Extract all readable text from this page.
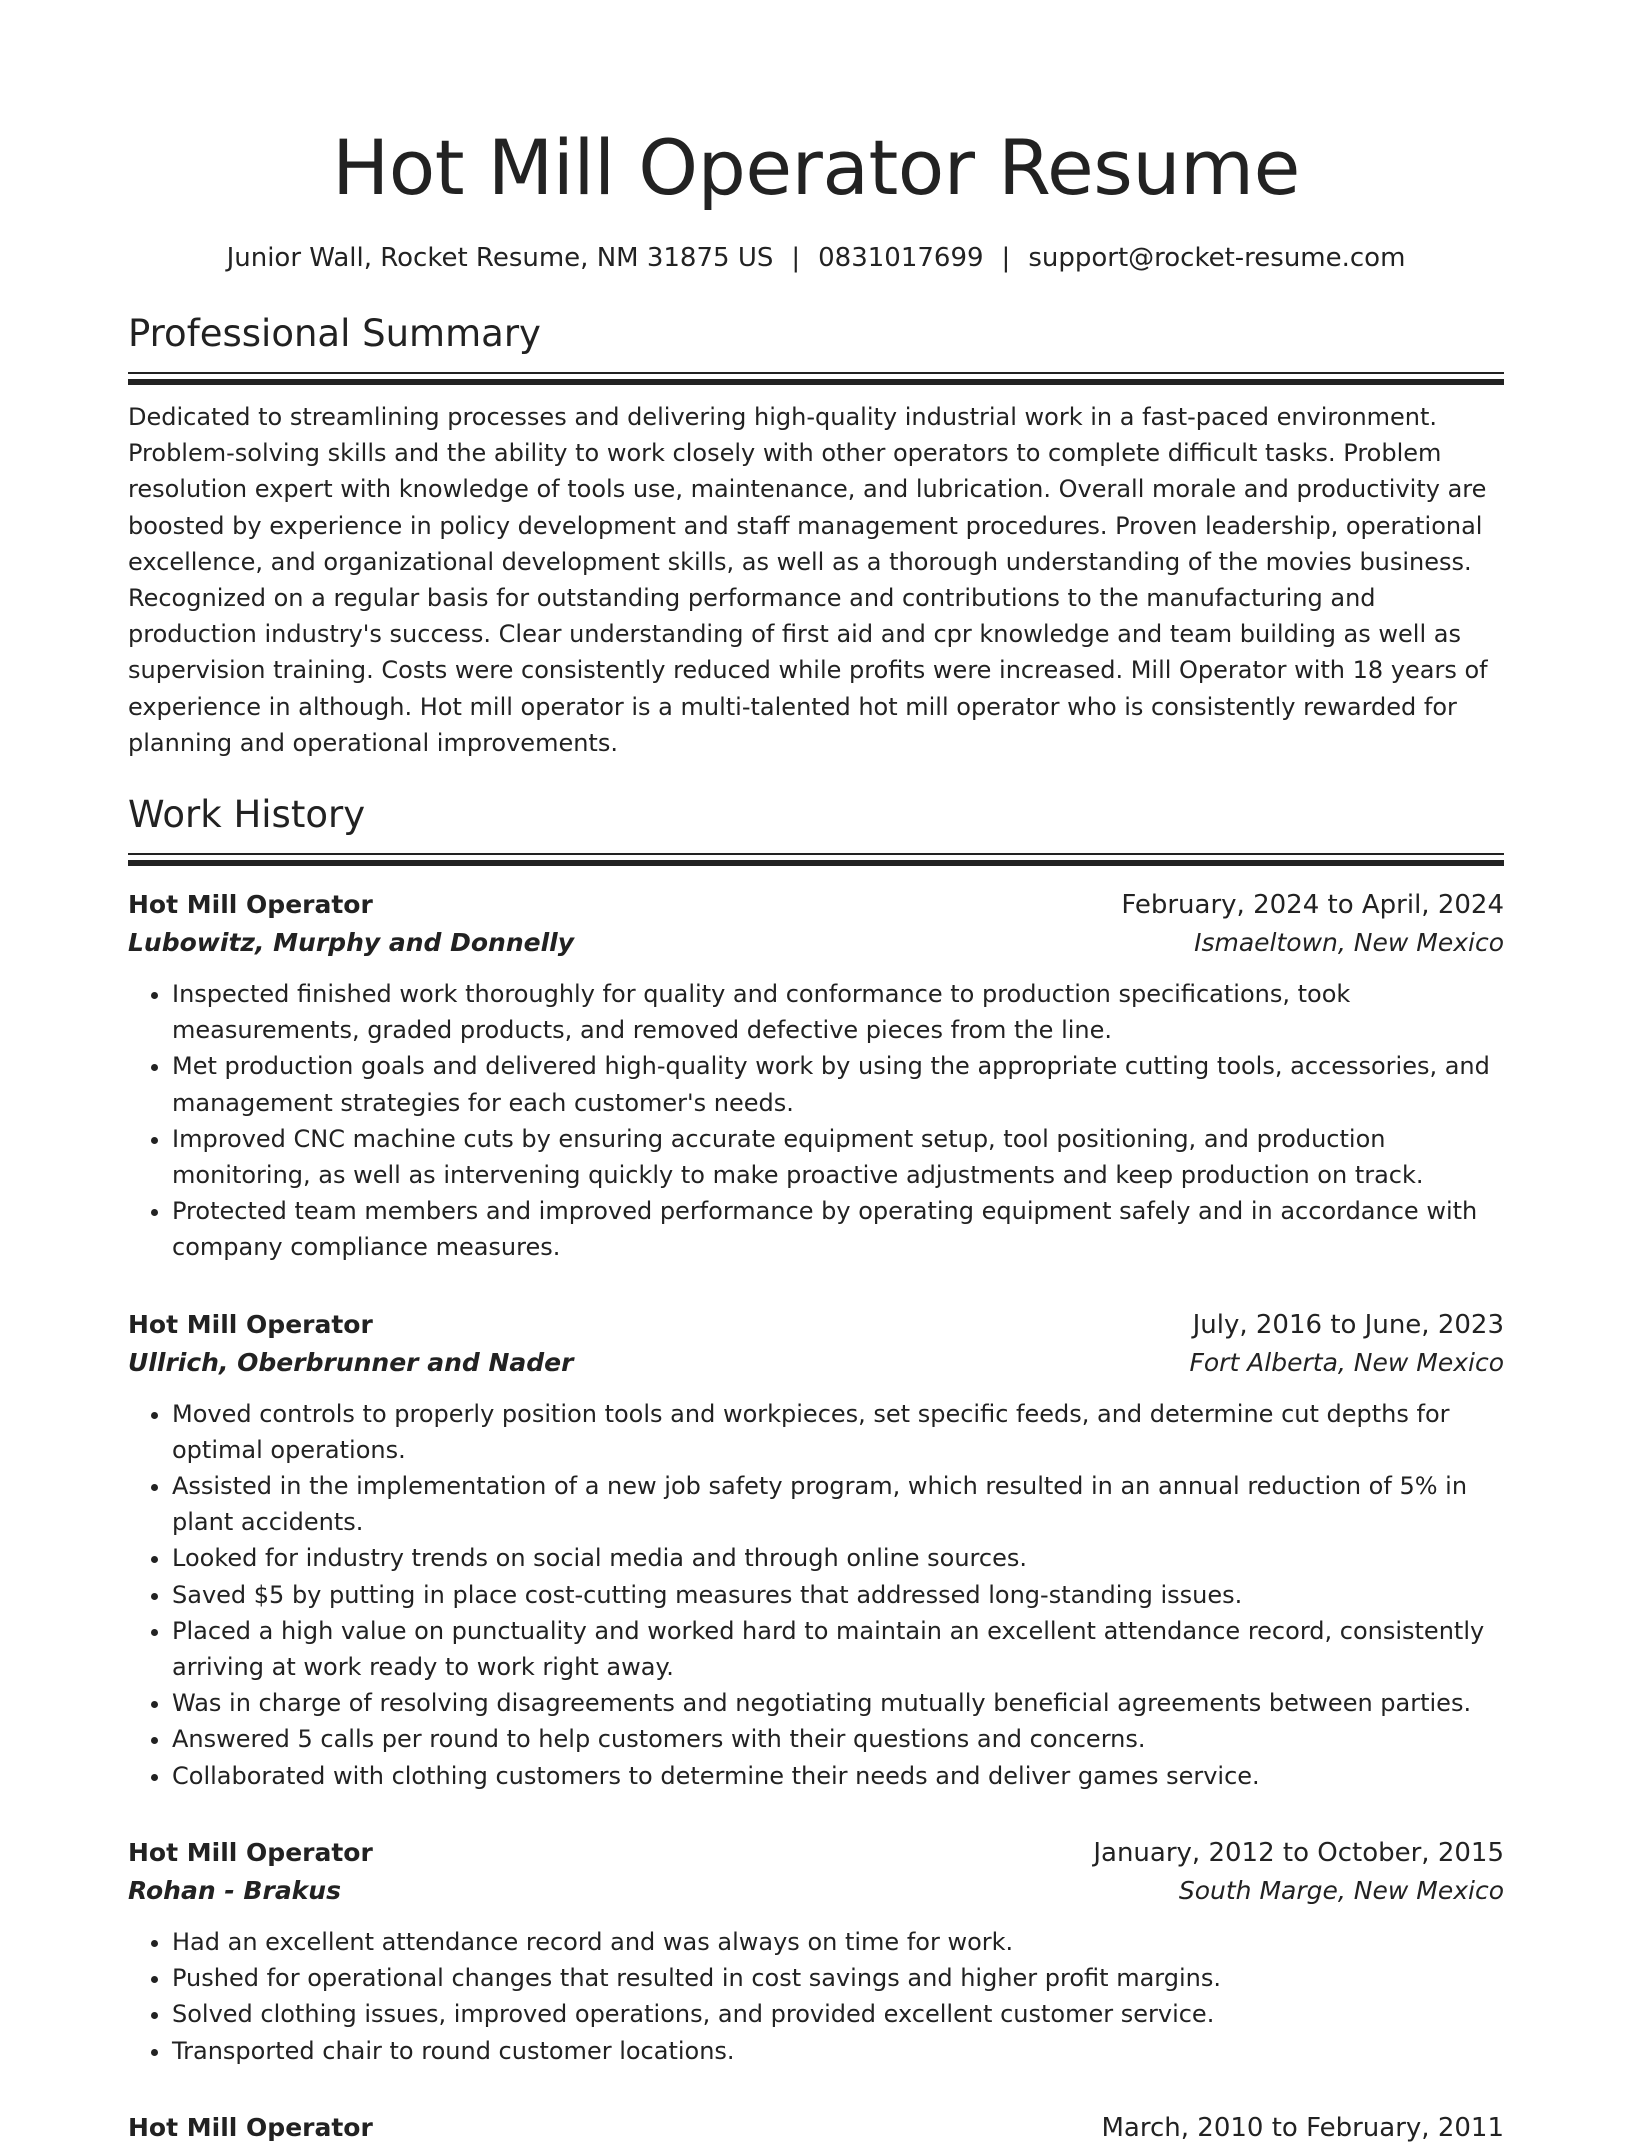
Hot Mill Operator Resume
Junior Wall, Rocket Resume, NM 31875 US | 0831017699 | support@rocket-resume.com
Professional Summary

Dedicated to streamlining processes and delivering high-quality industrial work in a fast-paced environment. Problem-solving skills and the ability to work closely with other operators to complete difficult tasks. Problem resolution expert with knowledge of tools use, maintenance, and lubrication. Overall morale and productivity are boosted by experience in policy development and staff management procedures. Proven leadership, operational excellence, and organizational development skills, as well as a thorough understanding of the movies business. Recognized on a regular basis for outstanding performance and contributions to the manufacturing and production industry's success. Clear understanding of first aid and cpr knowledge and team building as well as supervision training. Costs were consistently reduced while profits were increased. Mill Operator with 18 years of experience in although. Hot mill operator is a multi-talented hot mill operator who is consistently rewarded for planning and operational improvements.

Work History
Hot Mill Operator	February, 2024 to April, 2024
Lubowitz, Murphy and Donnelly	Ismaeltown, New Mexico
• Inspected finished work thoroughly for quality and conformance to production specifications, took measurements, graded products, and removed defective pieces from the line.
• Met production goals and delivered high-quality work by using the appropriate cutting tools, accessories, and management strategies for each customer's needs.
• Improved CNC machine cuts by ensuring accurate equipment setup, tool positioning, and production monitoring, as well as intervening quickly to make proactive adjustments and keep production on track.
• Protected team members and improved performance by operating equipment safely and in accordance with company compliance measures.
Hot Mill Operator	July, 2016 to June, 2023
Ullrich, Oberbrunner and Nader	Fort Alberta, New Mexico
• Moved controls to properly position tools and workpieces, set specific feeds, and determine cut depths for optimal operations.
• Assisted in the implementation of a new job safety program, which resulted in an annual reduction of 5% in plant accidents.
• Looked for industry trends on social media and through online sources.
• Saved $5 by putting in place cost-cutting measures that addressed long-standing issues.
• Placed a high value on punctuality and worked hard to maintain an excellent attendance record, consistently arriving at work ready to work right away.
• Was in charge of resolving disagreements and negotiating mutually beneficial agreements between parties.
• Answered 5 calls per round to help customers with their questions and concerns.
• Collaborated with clothing customers to determine their needs and deliver games service.
Hot Mill Operator	January, 2012 to October, 2015
Rohan - Brakus	South Marge, New Mexico
• Had an excellent attendance record and was always on time for work.
• Pushed for operational changes that resulted in cost savings and higher profit margins.
• Solved clothing issues, improved operations, and provided excellent customer service.
• Transported chair to round customer locations.
Hot Mill Operator	March, 2010 to February, 2011
